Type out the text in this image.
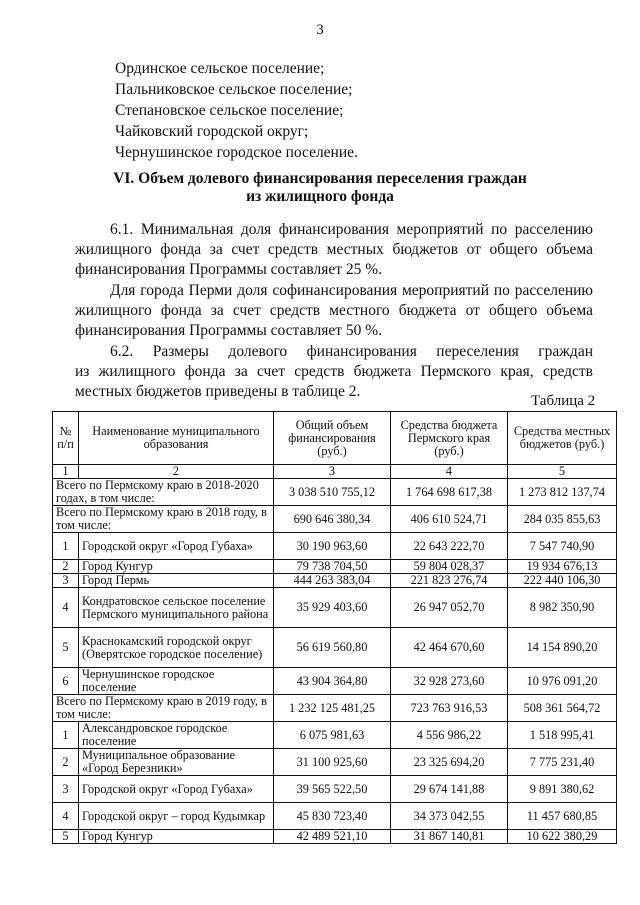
3
Ординское сельское поселение;
Пальниковское сельское поселение;
Степановское сельское поселение;
Чайковский городской округ;
Чернушинское городское поселение.
VI. Объем долевого финансирования переселения граждан
из жилищного фонда
6.1. Минимальная доля финансирования мероприятий по расселению
жилищного фонда за счет средств местных бюджетов от общего объема
финансирования Программы составляет 25 %.
Для города Перми доля софинансирования мероприятий по расселению
жилищного фонда за счет средств местного бюджета от общего объема
финансирования Программы составляет 50 %.
6.2. Размеры долевого финансирования переселения граждан
из жилищного фонда за счет средств бюджета Пермского края, средств
местных бюджетов приведены в таблице 2.
Таблица 2
№ п/п	Наименование муниципального образования	Общий объем финансирования (руб.)	Средства бюджета Пермского края (руб.)	Средства местных бюджетов (руб.)
1	2	3	4	5
Всего по Пермскому краю в 2018-2020 годах, в том числе:		3 038 510 755,12	1 764 698 617,38	1 273 812 137,74
Всего по Пермскому краю в 2018 году, в том числе:		690 646 380,34	406 610 524,71	284 035 855,63
1	Городской округ «Город Губаха»	30 190 963,60	22 643 222,70	7 547 740,90
2	Город Кунгур	79 738 704,50	59 804 028,37	19 934 676,13
3	Город Пермь	444 263 383,04	221 823 276,74	222 440 106,30
4	Кондратовское сельское поселение Пермского муниципального района	35 929 403,60	26 947 052,70	8 982 350,90
5	Краснокамский городской округ (Оверятское городское поселение)	56 619 560,80	42 464 670,60	14 154 890,20
6	Чернушинское городское поселение	43 904 364,80	32 928 273,60	10 976 091,20
Всего по Пермскому краю в 2019 году, в том числе:		1 232 125 481,25	723 763 916,53	508 361 564,72
1	Александровское городское поселение	6 075 981,63	4 556 986,22	1 518 995,41
2	Муниципальное образование «Город Березники»	31 100 925,60	23 325 694,20	7 775 231,40
3	Городской округ «Город Губаха»	39 565 522,50	29 674 141,88	9 891 380,62
4	Городской округ – город Кудымкар	45 830 723,40	34 373 042,55	11 457 680,85
5	Город Кунгур	42 489 521,10	31 867 140,81	10 622 380,29
